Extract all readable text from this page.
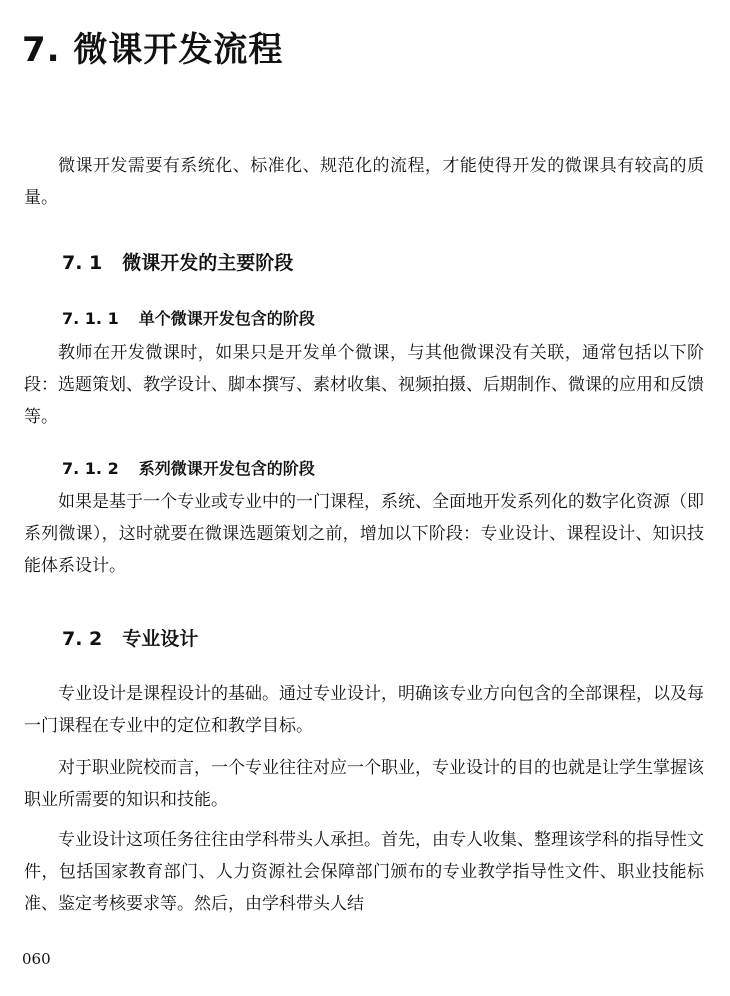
7. 微课开发流程

微课开发需要有系统化、标准化、规范化的流程，才能使得开发的微课具有较高的质量。

7. 1 微课开发的主要阶段
7. 1. 1 单个微课开发包含的阶段

教师在开发微课时，如果只是开发单个微课，与其他微课没有关联，通常包括以下阶段：选题策划、教学设计、脚本撰写、素材收集、视频拍摄、后期制作、微课的应用和反馈等。

7. 1. 2 系列微课开发包含的阶段

如果是基于一个专业或专业中的一门课程，系统、全面地开发系列化的数字化资源（即系列微课），这时就要在微课选题策划之前，增加以下阶段：专业设计、课程设计、知识技能体系设计。

7. 2 专业设计

专业设计是课程设计的基础。通过专业设计，明确该专业方向包含的全部课程，以及每一门课程在专业中的定位和教学目标。

对于职业院校而言，一个专业往往对应一个职业，专业设计的目的也就是让学生掌握该职业所需要的知识和技能。

专业设计这项任务往往由学科带头人承担。首先，由专人收集、整理该学科的指导性文件，包括国家教育部门、人力资源社会保障部门颁布的专业教学指导性文件、职业技能标准、鉴定考核要求等。然后，由学科带头人结

060
